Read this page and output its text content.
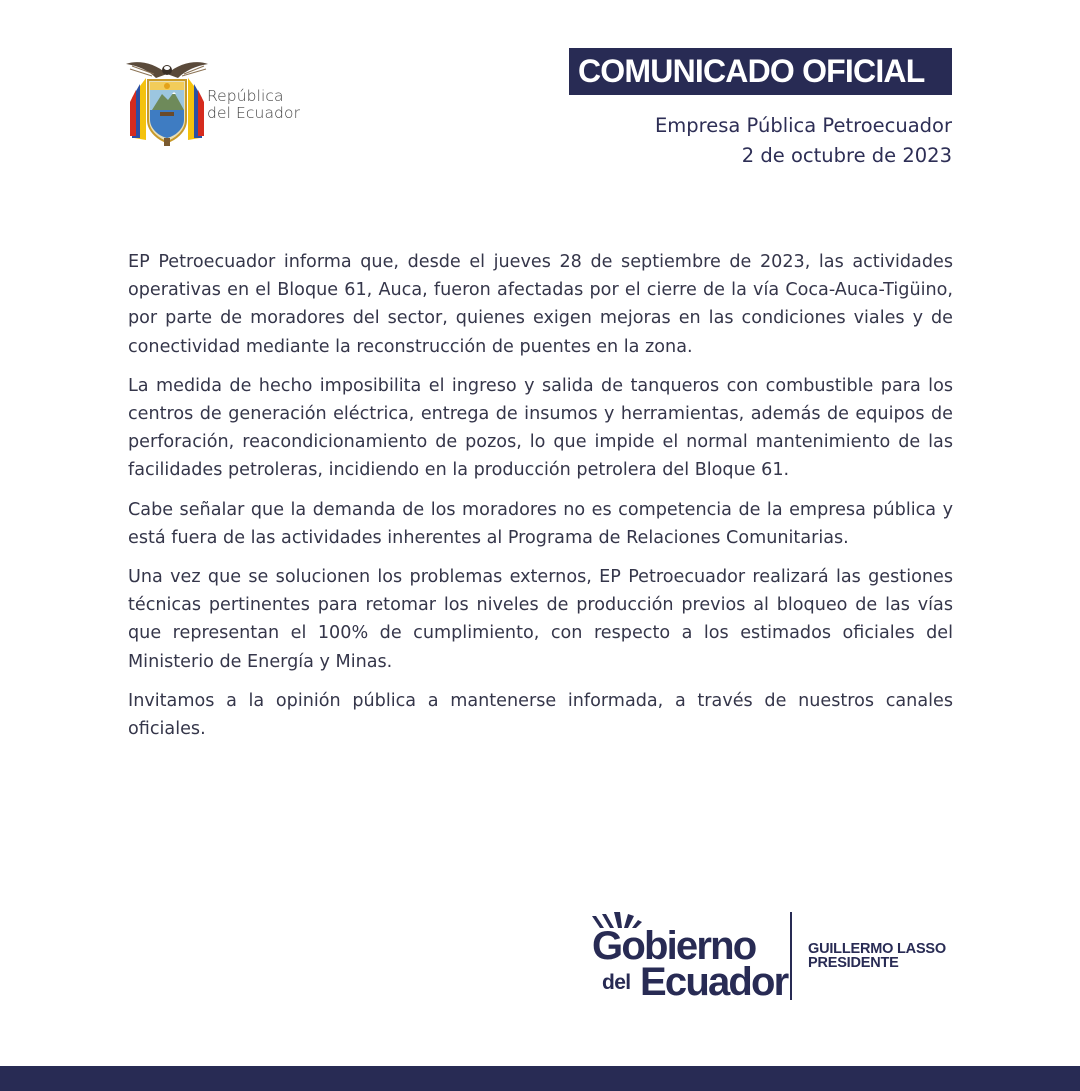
República
del Ecuador
COMUNICADO OFICIAL
Empresa Pública Petroecuador
2 de octubre de 2023

EP Petroecuador informa que, desde el jueves 28 de septiembre de 2023, las actividades operativas en el Bloque 61, Auca, fueron afectadas por el cierre de la vía Coca-Auca-Tigüino, por parte de moradores del sector, quienes exigen mejoras en las condiciones viales y de conectividad mediante la reconstrucción de puentes en la zona.

La medida de hecho imposibilita el ingreso y salida de tanqueros con combustible para los centros de generación eléctrica, entrega de insumos y herramientas, además de equipos de perforación, reacondicionamiento de pozos, lo que impide el normal mantenimiento de las facilidades petroleras, incidiendo en la producción petrolera del Bloque 61.

Cabe señalar que la demanda de los moradores no es competencia de la empresa pública y está fuera de las actividades inherentes al Programa de Relaciones Comunitarias.

Una vez que se solucionen los problemas externos, EP Petroecuador realizará las gestiones técnicas pertinentes para retomar los niveles de producción previos al bloqueo de las vías que representan el 100% de cumplimiento, con respecto a los estimados oficiales del Ministerio de Energía y Minas.

Invitamos a la opinión pública a mantenerse informada, a través de nuestros canales oficiales.

Gobierno
del Ecuador
GUILLERMO LASSO
PRESIDENTE
